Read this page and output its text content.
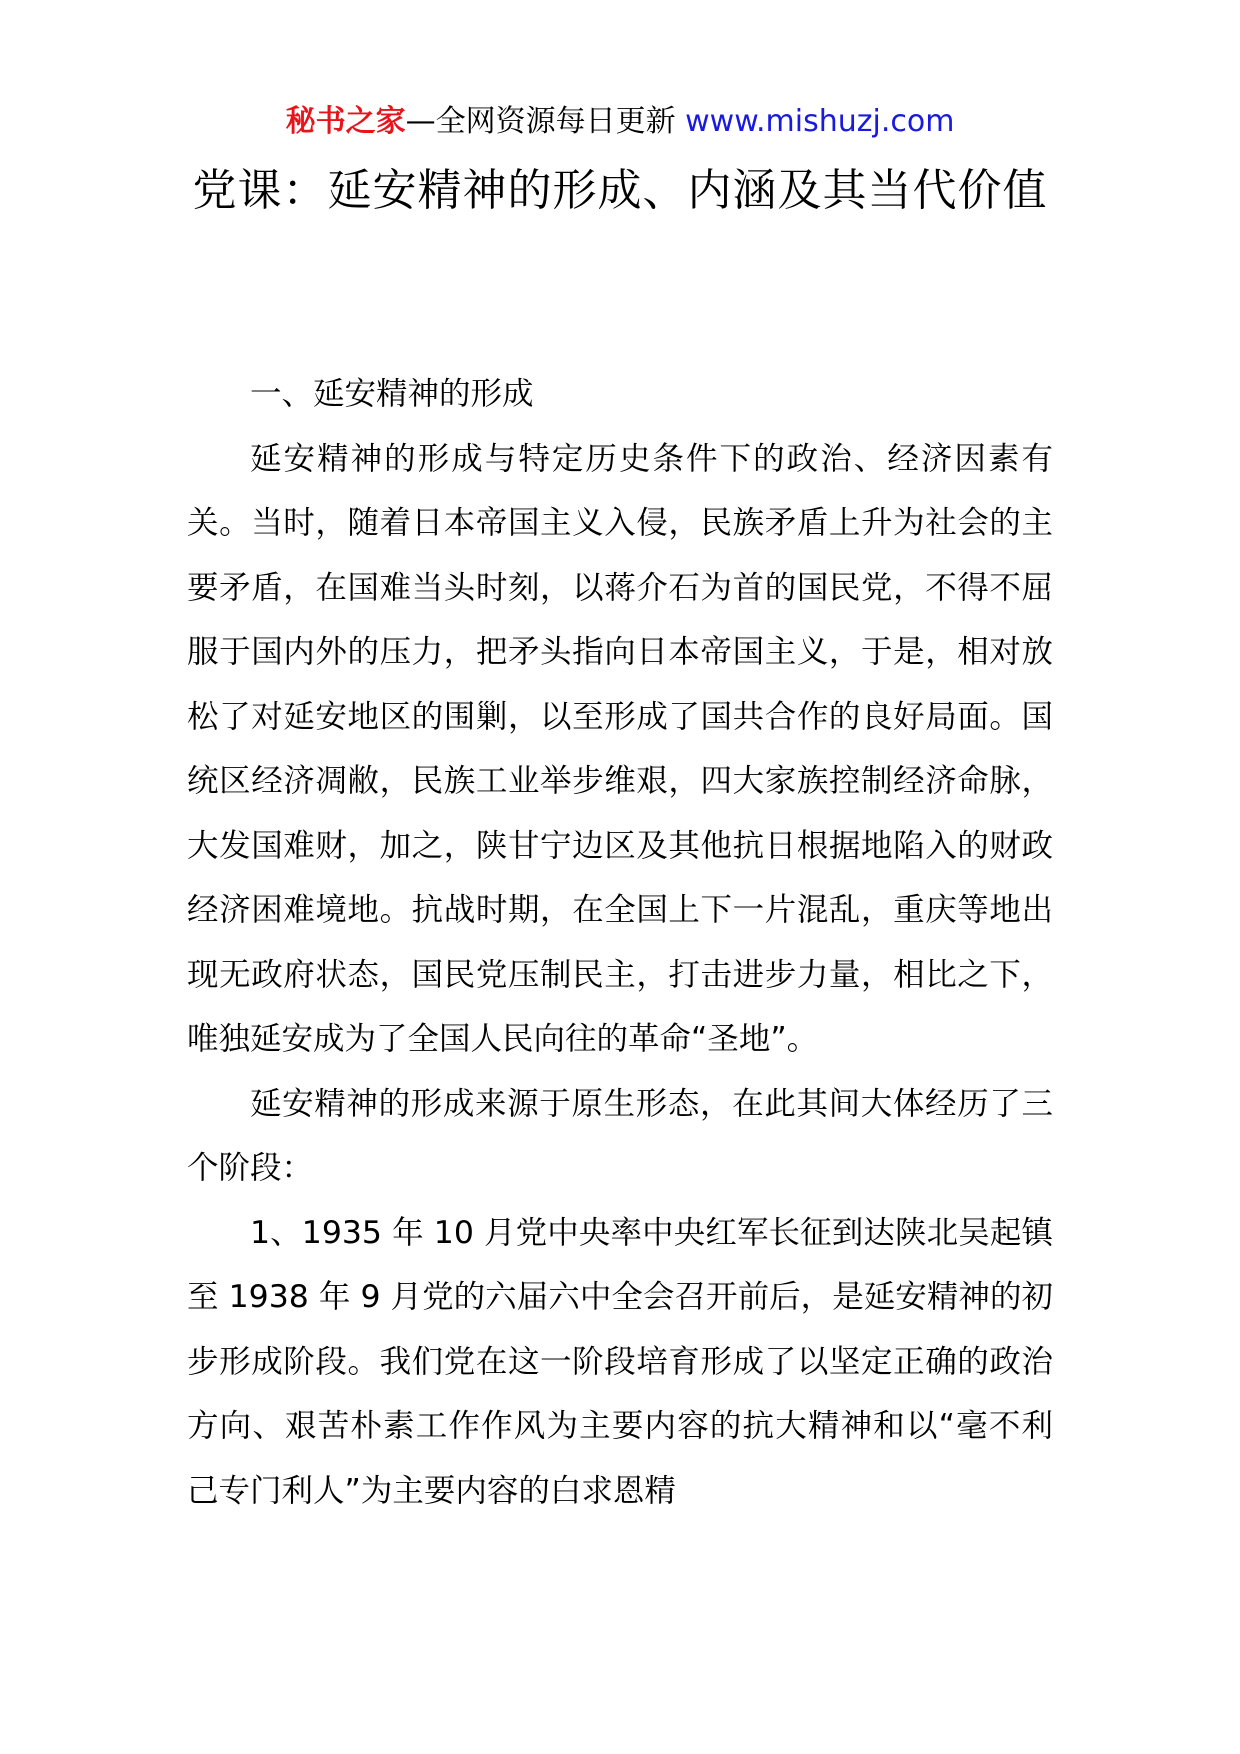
秘书之家—全网资源每日更新 www.mishuzj.com
党课：延安精神的形成、内涵及其当代价值

一、延安精神的形成

延安精神的形成与特定历史条件下的政治、经济因素有关。当时，随着日本帝国主义入侵，民族矛盾上升为社会的主要矛盾，在国难当头时刻，以蒋介石为首的国民党，不得不屈服于国内外的压力，把矛头指向日本帝国主义，于是，相对放松了对延安地区的围剿，以至形成了国共合作的良好局面。国统区经济凋敝，民族工业举步维艰，四大家族控制经济命脉，大发国难财，加之，陕甘宁边区及其他抗日根据地陷入的财政经济困难境地。抗战时期，在全国上下一片混乱，重庆等地出现无政府状态，国民党压制民主，打击进步力量，相比之下，唯独延安成为了全国人民向往的革命“圣地”。

延安精神的形成来源于原生形态，在此其间大体经历了三个阶段：

1、1935 年 10 月党中央率中央红军长征到达陕北吴起镇至 1938 年 9 月党的六届六中全会召开前后，是延安精神的初步形成阶段。我们党在这一阶段培育形成了以坚定正确的政治方向、艰苦朴素工作作风为主要内容的抗大精神和以“毫不利己专门利人”为主要内容的白求恩精
